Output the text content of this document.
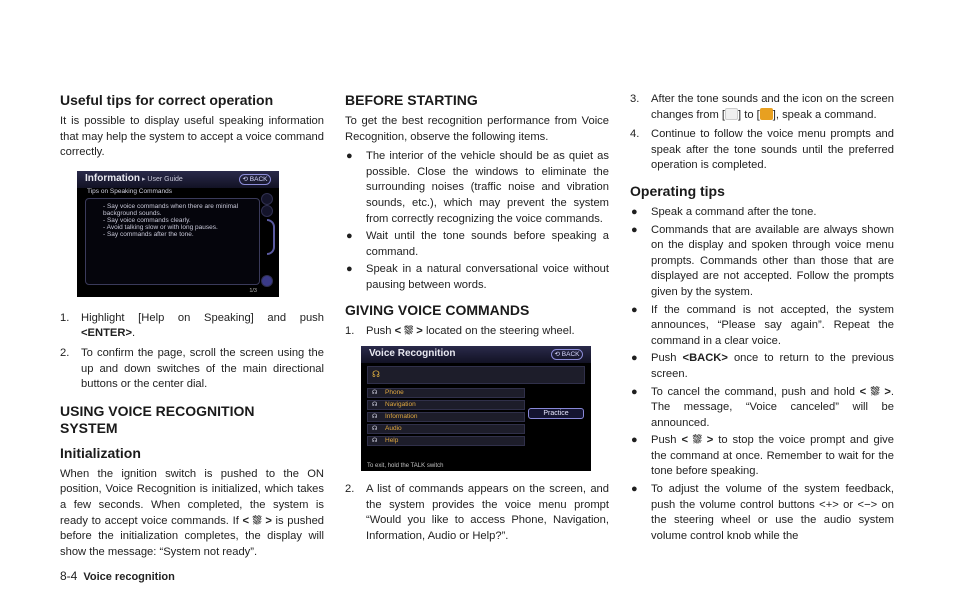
Useful tips for correct operation

It is possible to display useful speaking information that may help the system to accept a voice command correctly.

Information ▸ User Guide	⟲ BACK
Tips on Speaking Commands
- Say voice commands when there are minimal
background sounds.
- Say voice commands clearly.
- Avoid talking slow or with long pauses.
- Say commands after the tone.
1/3
1. Highlight [Help on Speaking] and push <ENTER>.
2. To confirm the page, scroll the screen using the up and down switches of the main directional buttons or the center dial.
USING VOICE RECOGNITION SYSTEM
Initialization

When the ignition switch is pushed to the ON position, Voice Recognition is initialized, which takes a few seconds. When completed, the system is ready to accept voice commands. If < ⛆ > is pushed before the initialization completes, the display will show the message: “System not ready”.

BEFORE STARTING

To get the best recognition performance from Voice Recognition, observe the following items.

● The interior of the vehicle should be as quiet as possible. Close the windows to eliminate the surrounding noises (traffic noise and vibration sounds, etc.), which may prevent the system from correctly recognizing the voice commands.
● Wait until the tone sounds before speaking a command.
● Speak in a natural conversational voice without pausing between words.
GIVING VOICE COMMANDS
1. Push < ⛆ > located on the steering wheel.
Voice Recognition	⟲ BACK
☊
☊ Phone
☊ Navigation
☊ Information
☊ Audio
☊ Help
Practice
To exit, hold the TALK switch
2. A list of commands appears on the screen, and the system provides the voice menu prompt “Would you like to access Phone, Navigation, Information, Audio or Help?”.
3. After the tone sounds and the icon on the screen changes from [ ] to [ ], speak a command.
4. Continue to follow the voice menu prompts and speak after the tone sounds until the preferred operation is completed.
Operating tips
● Speak a command after the tone.
● Commands that are available are always shown on the display and spoken through voice menu prompts. Commands other than those that are displayed are not accepted. Follow the prompts given by the system.
● If the command is not accepted, the system announces, “Please say again”. Repeat the command in a clear voice.
● Push <BACK> once to return to the previous screen.
● To cancel the command, push and hold < ⛆ >. The message, “Voice canceled” will be announced.
● Push < ⛆ > to stop the voice prompt and give the command at once. Remember to wait for the tone before speaking.
● To adjust the volume of the system feedback, push the volume control buttons <+> or <−> on the steering wheel or use the audio system volume control knob while the
8-4 Voice recognition
